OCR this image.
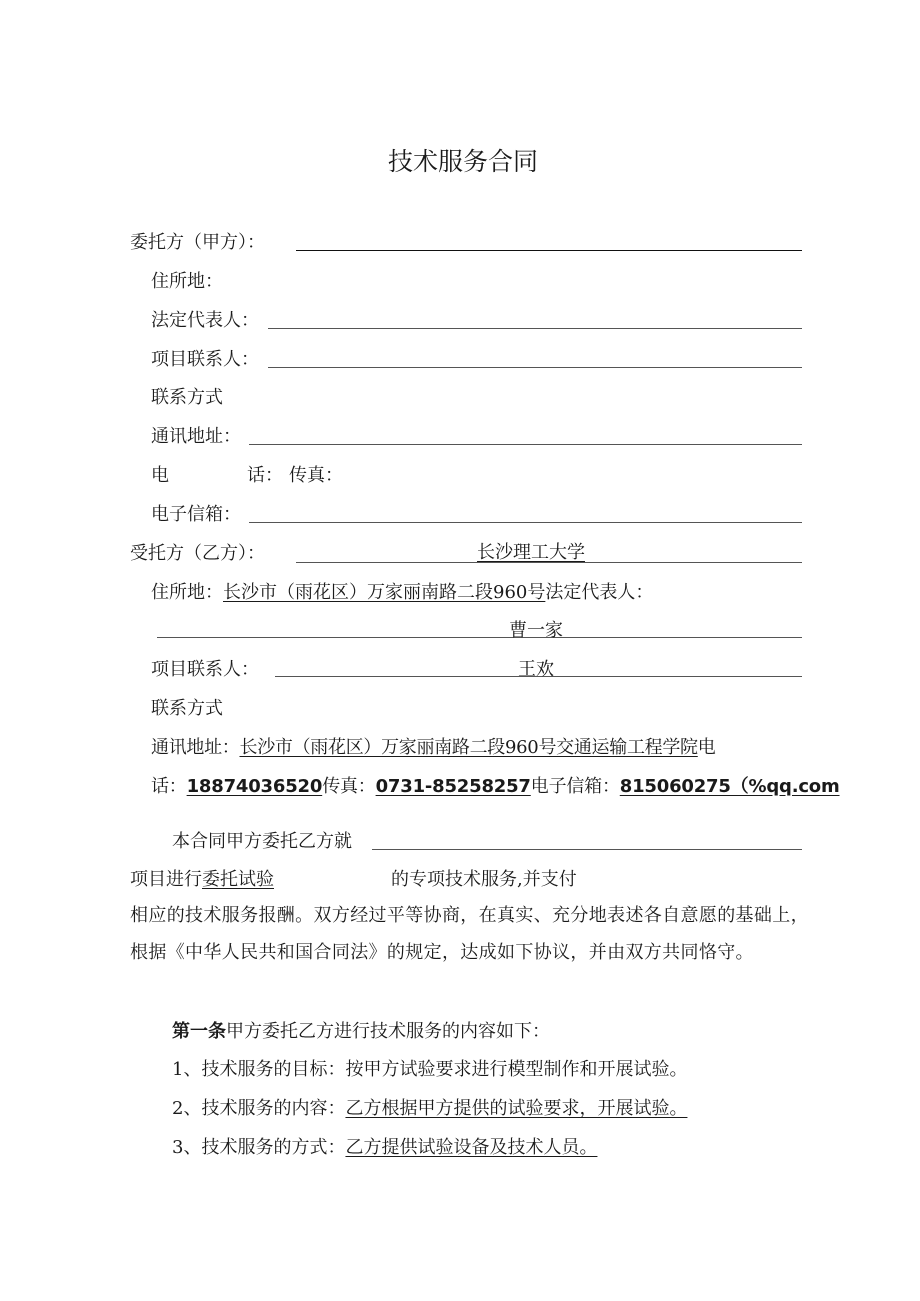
技术服务合同
委托方（甲方）：
住所地：
法定代表人：
项目联系人：
联系方式
通讯地址：
电	话： 传真：
电子信箱：
受托方（乙方）：	长沙理工大学
住所地：长沙市（雨花区）万家丽南路二段960号法定代表人：
曹一家
项目联系人：	王欢
联系方式
通讯地址：长沙市（雨花区）万家丽南路二段960号交通运输工程学院电
话：18874036520传真：0731-85258257电子信箱：815060275（%qq.com
本合同甲方委托乙方就
项目进行委托试验	的专项技术服务,并支付
相应的技术服务报酬。双方经过平等协商，在真实、充分地表述各自意愿的基础上，根据《中华人民共和国合同法》的规定，达成如下协议，并由双方共同恪守。
第一条甲方委托乙方进行技术服务的内容如下：
1、技术服务的目标：按甲方试验要求进行模型制作和开展试验。
2、技术服务的内容：乙方根据甲方提供的试验要求，开展试验。
3、技术服务的方式：乙方提供试验设备及技术人员。
